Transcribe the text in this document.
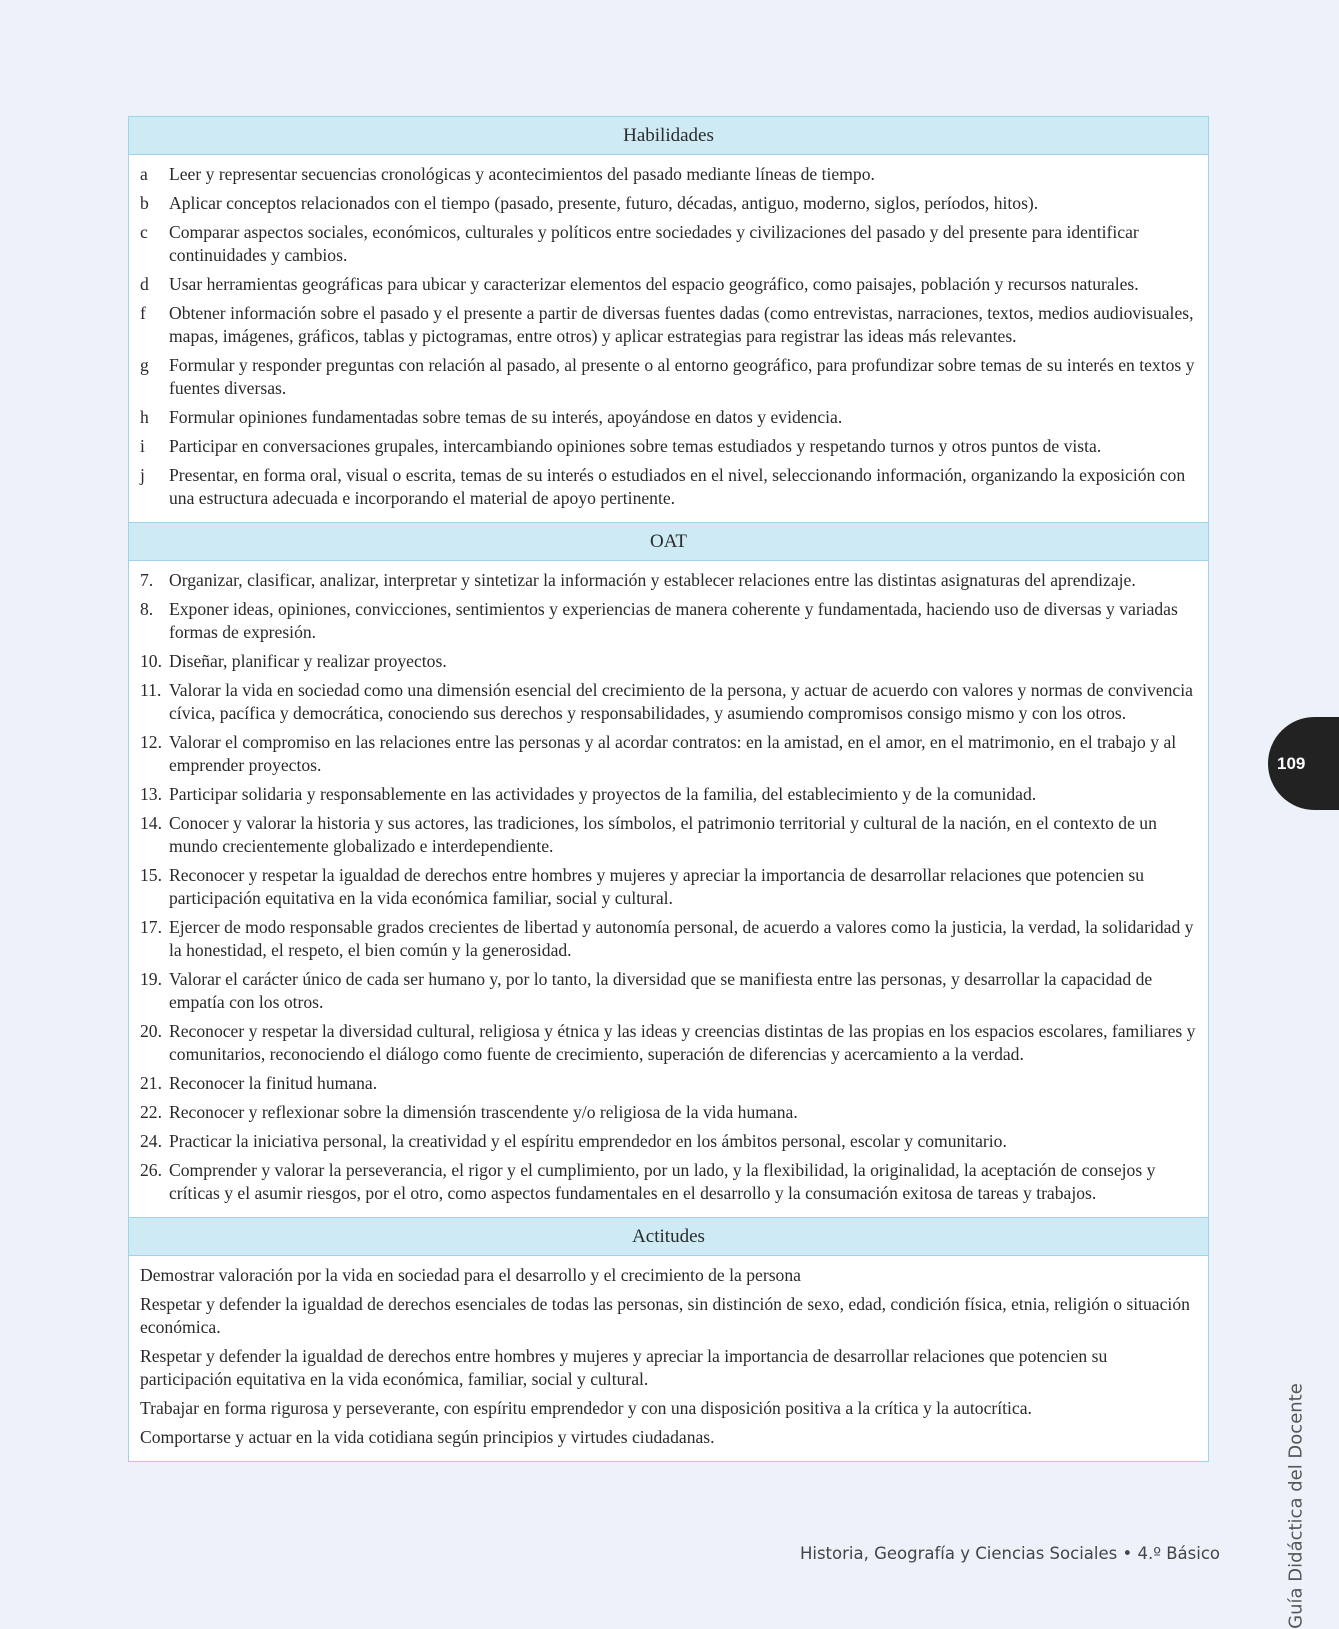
Habilidades
a	Leer y representar secuencias cronológicas y acontecimientos del pasado mediante líneas de tiempo.
b	Aplicar conceptos relacionados con el tiempo (pasado, presente, futuro, décadas, antiguo, moderno, siglos, períodos, hitos).
c	Comparar aspectos sociales, económicos, culturales y políticos entre sociedades y civilizaciones del pasado y del presente para identificar continuidades y cambios.
d	Usar herramientas geográficas para ubicar y caracterizar elementos del espacio geográfico, como paisajes, población y recursos naturales.
f	Obtener información sobre el pasado y el presente a partir de diversas fuentes dadas (como entrevistas, narraciones, textos, medios audiovisuales, mapas, imágenes, gráficos, tablas y pictogramas, entre otros) y aplicar estrategias para registrar las ideas más relevantes.
g	Formular y responder preguntas con relación al pasado, al presente o al entorno geográfico, para profundizar sobre temas de su interés en textos y fuentes diversas.
h	Formular opiniones fundamentadas sobre temas de su interés, apoyándose en datos y evidencia.
i	Participar en conversaciones grupales, intercambiando opiniones sobre temas estudiados y respetando turnos y otros puntos de vista.
j	Presentar, en forma oral, visual o escrita, temas de su interés o estudiados en el nivel, seleccionando información, organizando la exposición con una estructura adecuada e incorporando el material de apoyo pertinente.
OAT
7. Organizar, clasificar, analizar, interpretar y sintetizar la información y establecer relaciones entre las distintas asignaturas del aprendizaje.
8. Exponer ideas, opiniones, convicciones, sentimientos y experiencias de manera coherente y fundamentada, haciendo uso de diversas y variadas formas de expresión.
10. Diseñar, planificar y realizar proyectos.
11. Valorar la vida en sociedad como una dimensión esencial del crecimiento de la persona, y actuar de acuerdo con valores y normas de convivencia cívica, pacífica y democrática, conociendo sus derechos y responsabilidades, y asumiendo compromisos consigo mismo y con los otros.
12. Valorar el compromiso en las relaciones entre las personas y al acordar contratos: en la amistad, en el amor, en el matrimonio, en el trabajo y al emprender proyectos.
13. Participar solidaria y responsablemente en las actividades y proyectos de la familia, del establecimiento y de la comunidad.
14. Conocer y valorar la historia y sus actores, las tradiciones, los símbolos, el patrimonio territorial y cultural de la nación, en el contexto de un mundo crecientemente globalizado e interdependiente.
15. Reconocer y respetar la igualdad de derechos entre hombres y mujeres y apreciar la importancia de desarrollar relaciones que potencien su participación equitativa en la vida económica familiar, social y cultural.
17. Ejercer de modo responsable grados crecientes de libertad y autonomía personal, de acuerdo a valores como la justicia, la verdad, la solidaridad y la honestidad, el respeto, el bien común y la generosidad.
19. Valorar el carácter único de cada ser humano y, por lo tanto, la diversidad que se manifiesta entre las personas, y desarrollar la capacidad de empatía con los otros.
20. Reconocer y respetar la diversidad cultural, religiosa y étnica y las ideas y creencias distintas de las propias en los espacios escolares, familiares y comunitarios, reconociendo el diálogo como fuente de crecimiento, superación de diferencias y acercamiento a la verdad.
21. Reconocer la finitud humana.
22. Reconocer y reflexionar sobre la dimensión trascendente y/o religiosa de la vida humana.
24. Practicar la iniciativa personal, la creatividad y el espíritu emprendedor en los ámbitos personal, escolar y comunitario.
26. Comprender y valorar la perseverancia, el rigor y el cumplimiento, por un lado, y la flexibilidad, la originalidad, la aceptación de consejos y críticas y el asumir riesgos, por el otro, como aspectos fundamentales en el desarrollo y la consumación exitosa de tareas y trabajos.
Actitudes
Demostrar valoración por la vida en sociedad para el desarrollo y el crecimiento de la persona
Respetar y defender la igualdad de derechos esenciales de todas las personas, sin distinción de sexo, edad, condición física, etnia, religión o situación económica.
Respetar y defender la igualdad de derechos entre hombres y mujeres y apreciar la importancia de desarrollar relaciones que potencien su participación equitativa en la vida económica, familiar, social y cultural.
Trabajar en forma rigurosa y perseverante, con espíritu emprendedor y con una disposición positiva a la crítica y la autocrítica.
Comportarse y actuar en la vida cotidiana según principios y virtudes ciudadanas.
109
Guía Didáctica del Docente
Historia, Geografía y Ciencias Sociales • 4.º Básico
